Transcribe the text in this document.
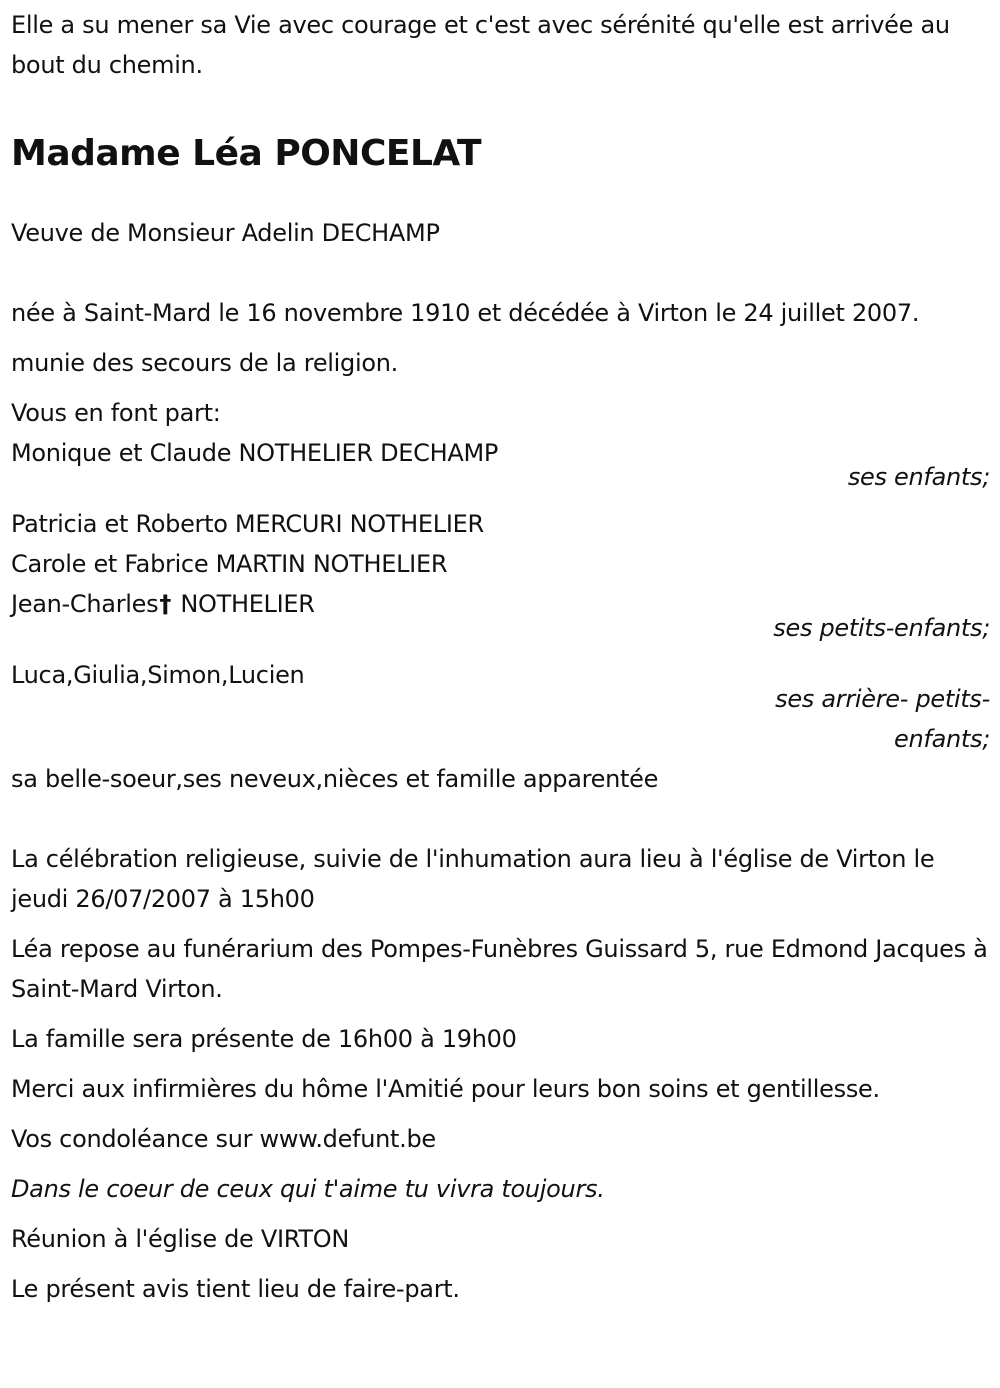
Elle a su mener sa Vie avec courage et c'est avec sérénité qu'elle est arrivée au bout du chemin.

Madame Léa PONCELAT

Veuve de Monsieur Adelin DECHAMP

née à Saint-Mard le 16 novembre 1910 et décédée à Virton le 24 juillet 2007.

munie des secours de la religion.

Vous en font part:

Monique et Claude NOTHELIER DECHAMP

ses enfants;

Patricia et Roberto MERCURI NOTHELIER

Carole et Fabrice MARTIN NOTHELIER

Jean-Charles† NOTHELIER

ses petits-enfants;

Luca,Giulia,Simon,Lucien

ses arrière- petits-enfants;

sa belle-soeur,ses neveux,nièces et famille apparentée

La célébration religieuse, suivie de l'inhumation aura lieu à l'église de Virton le jeudi 26/07/2007 à 15h00

Léa repose au funérarium des Pompes-Funèbres Guissard 5, rue Edmond Jacques à Saint-Mard Virton.

La famille sera présente de 16h00 à 19h00

Merci aux infirmières du hôme l'Amitié pour leurs bon soins et gentillesse.

Vos condoléance sur www.defunt.be

Dans le coeur de ceux qui t'aime tu vivra toujours.

Réunion à l'église de VIRTON

Le présent avis tient lieu de faire-part.
